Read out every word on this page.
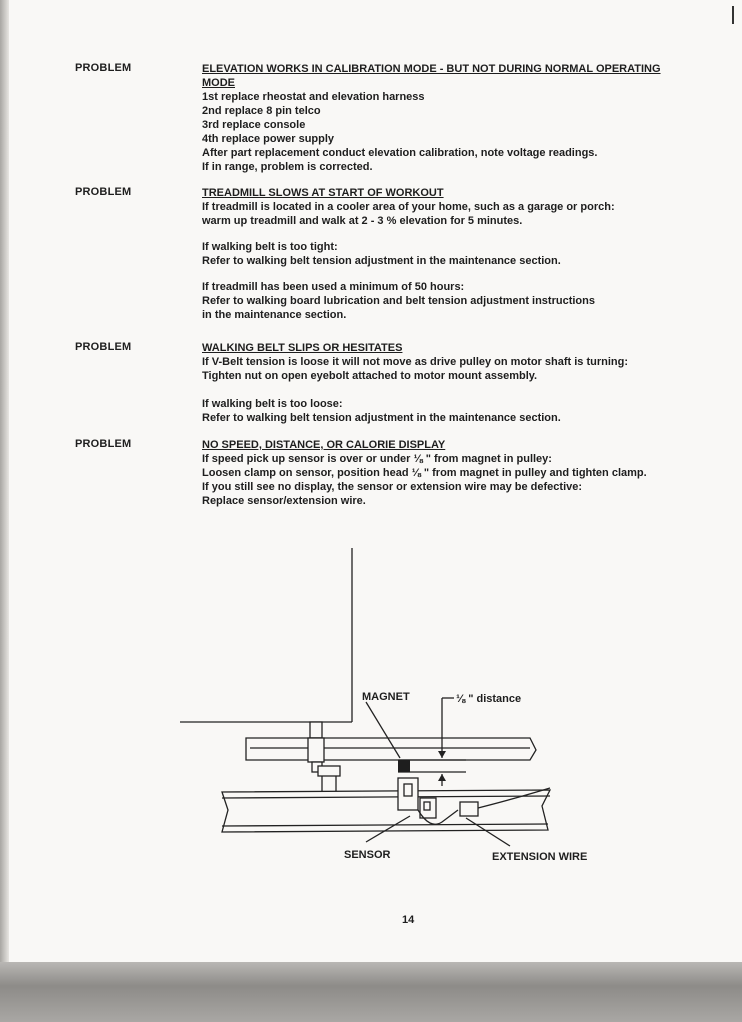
PROBLEM	ELEVATION WORKS IN CALIBRATION MODE - BUT NOT DURING NORMAL OPERATING
MODE
1st replace rheostat and elevation harness
2nd replace 8 pin telco
3rd replace console
4th replace power supply
After part replacement conduct elevation calibration, note voltage readings.
If in range, problem is corrected.
PROBLEM	TREADMILL SLOWS AT START OF WORKOUT
If treadmill is located in a cooler area of your home, such as a garage or porch:
warm up treadmill and walk at 2 - 3 % elevation for 5 minutes.
If walking belt is too tight:
Refer to walking belt tension adjustment in the maintenance section.
If treadmill has been used a minimum of 50 hours:
Refer to walking board lubrication and belt tension adjustment instructions
in the maintenance section.
PROBLEM	WALKING BELT SLIPS OR HESITATES
If V-Belt tension is loose it will not move as drive pulley on motor shaft is turning:
Tighten nut on open eyebolt attached to motor mount assembly.
If walking belt is too loose:
Refer to walking belt tension adjustment in the maintenance section.
PROBLEM	NO SPEED, DISTANCE, OR CALORIE DISPLAY
If speed pick up sensor is over or under ⅛ " from magnet in pulley:
Loosen clamp on sensor, position head ⅛ " from magnet in pulley and tighten clamp.
If you still see no display, the sensor or extension wire may be defective:
Replace sensor/extension wire.
MAGNET	⅛ " distance
SENSOR	EXTENSION WIRE
14
